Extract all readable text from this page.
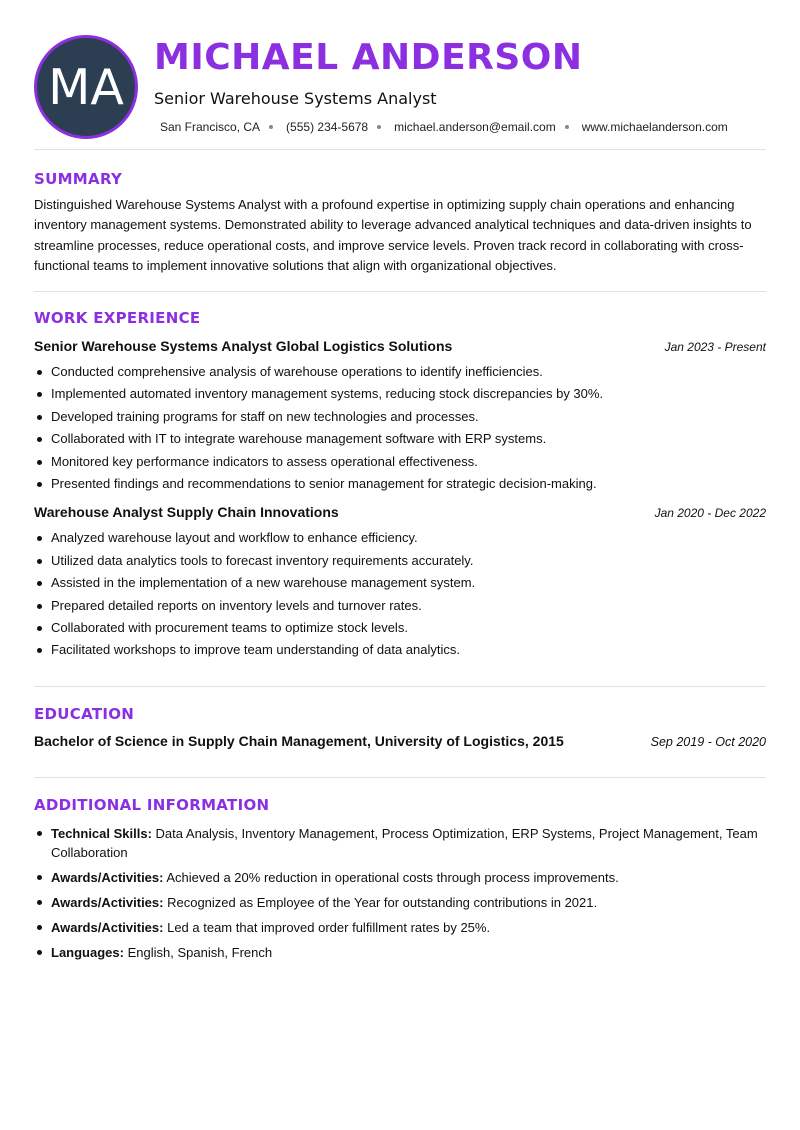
MA
MICHAEL ANDERSON
Senior Warehouse Systems Analyst
San Francisco, CA (555) 234-5678 michael.anderson@email.com www.michaelanderson.com
SUMMARY

Distinguished Warehouse Systems Analyst with a profound expertise in optimizing supply chain operations and enhancing inventory management systems. Demonstrated ability to leverage advanced analytical techniques and data-driven insights to streamline processes, reduce operational costs, and improve service levels. Proven track record in collaborating with cross-functional teams to implement innovative solutions that align with organizational objectives.

WORK EXPERIENCE
Senior Warehouse Systems Analyst Global Logistics Solutions	Jan 2023 - Present
Conducted comprehensive analysis of warehouse operations to identify inefficiencies.
Implemented automated inventory management systems, reducing stock discrepancies by 30%.
Developed training programs for staff on new technologies and processes.
Collaborated with IT to integrate warehouse management software with ERP systems.
Monitored key performance indicators to assess operational effectiveness.
Presented findings and recommendations to senior management for strategic decision-making.
Warehouse Analyst Supply Chain Innovations	Jan 2020 - Dec 2022
Analyzed warehouse layout and workflow to enhance efficiency.
Utilized data analytics tools to forecast inventory requirements accurately.
Assisted in the implementation of a new warehouse management system.
Prepared detailed reports on inventory levels and turnover rates.
Collaborated with procurement teams to optimize stock levels.
Facilitated workshops to improve team understanding of data analytics.
EDUCATION
Bachelor of Science in Supply Chain Management, University of Logistics, 2015	Sep 2019 - Oct 2020
ADDITIONAL INFORMATION
Technical Skills: Data Analysis, Inventory Management, Process Optimization, ERP Systems, Project Management, Team Collaboration
Awards/Activities: Achieved a 20% reduction in operational costs through process improvements.
Awards/Activities: Recognized as Employee of the Year for outstanding contributions in 2021.
Awards/Activities: Led a team that improved order fulfillment rates by 25%.
Languages: English, Spanish, French
